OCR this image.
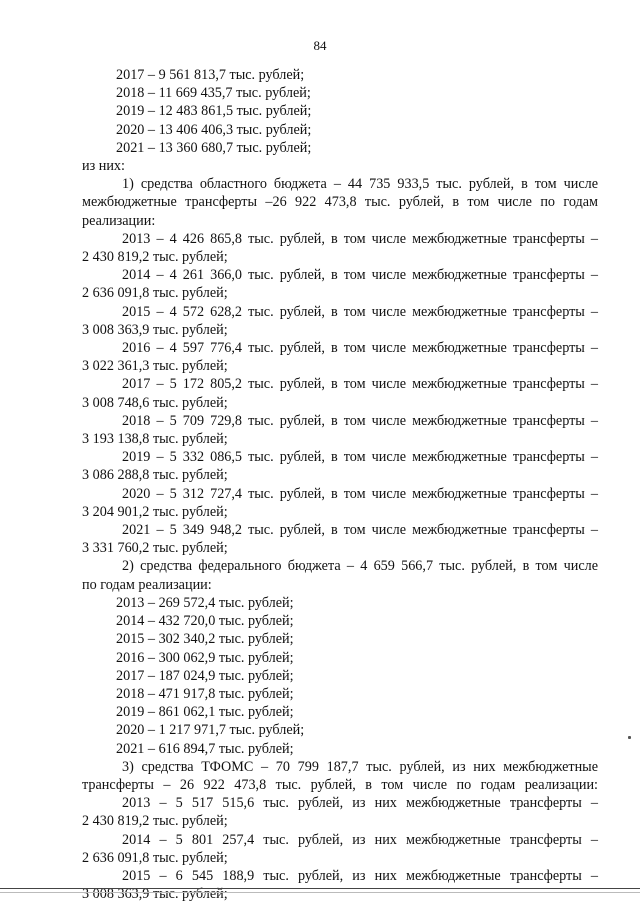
84
2017 – 9 561 813,7 тыс. рублей;
2018 – 11 669 435,7 тыс. рублей;
2019 – 12 483 861,5 тыс. рублей;
2020 – 13 406 406,3 тыс. рублей;
2021 – 13 360 680,7 тыс. рублей;
из них:
1) средства областного бюджета – 44 735 933,5 тыс. рублей, в том числе
межбюджетные трансферты –26 922 473,8 тыс. рублей, в том числе по годам
реализации:
2013 – 4 426 865,8 тыс. рублей, в том числе межбюджетные трансферты –
2 430 819,2 тыс. рублей;
2014 – 4 261 366,0 тыс. рублей, в том числе межбюджетные трансферты –
2 636 091,8 тыс. рублей;
2015 – 4 572 628,2 тыс. рублей, в том числе межбюджетные трансферты –
3 008 363,9 тыс. рублей;
2016 – 4 597 776,4 тыс. рублей, в том числе межбюджетные трансферты –
3 022 361,3 тыс. рублей;
2017 – 5 172 805,2 тыс. рублей, в том числе межбюджетные трансферты –
3 008 748,6 тыс. рублей;
2018 – 5 709 729,8 тыс. рублей, в том числе межбюджетные трансферты –
3 193 138,8 тыс. рублей;
2019 – 5 332 086,5 тыс. рублей, в том числе межбюджетные трансферты –
3 086 288,8 тыс. рублей;
2020 – 5 312 727,4 тыс. рублей, в том числе межбюджетные трансферты –
3 204 901,2 тыс. рублей;
2021 – 5 349 948,2 тыс. рублей, в том числе межбюджетные трансферты –
3 331 760,2 тыс. рублей;
2) средства федерального бюджета – 4 659 566,7 тыс. рублей, в том числе
по годам реализации:
2013 – 269 572,4 тыс. рублей;
2014 – 432 720,0 тыс. рублей;
2015 – 302 340,2 тыс. рублей;
2016 – 300 062,9 тыс. рублей;
2017 – 187 024,9 тыс. рублей;
2018 – 471 917,8 тыс. рублей;
2019 – 861 062,1 тыс. рублей;
2020 – 1 217 971,7 тыс. рублей;
2021 – 616 894,7 тыс. рублей;
3) средства ТФОМС – 70 799 187,7 тыс. рублей, из них межбюджетные
трансферты – 26 922 473,8 тыс. рублей, в том числе по годам реализации:
2013 – 5 517 515,6 тыс. рублей, из них межбюджетные трансферты –
2 430 819,2 тыс. рублей;
2014 – 5 801 257,4 тыс. рублей, из них межбюджетные трансферты –
2 636 091,8 тыс. рублей;
2015 – 6 545 188,9 тыс. рублей, из них межбюджетные трансферты –
3 008 363,9 тыс. рублей;
